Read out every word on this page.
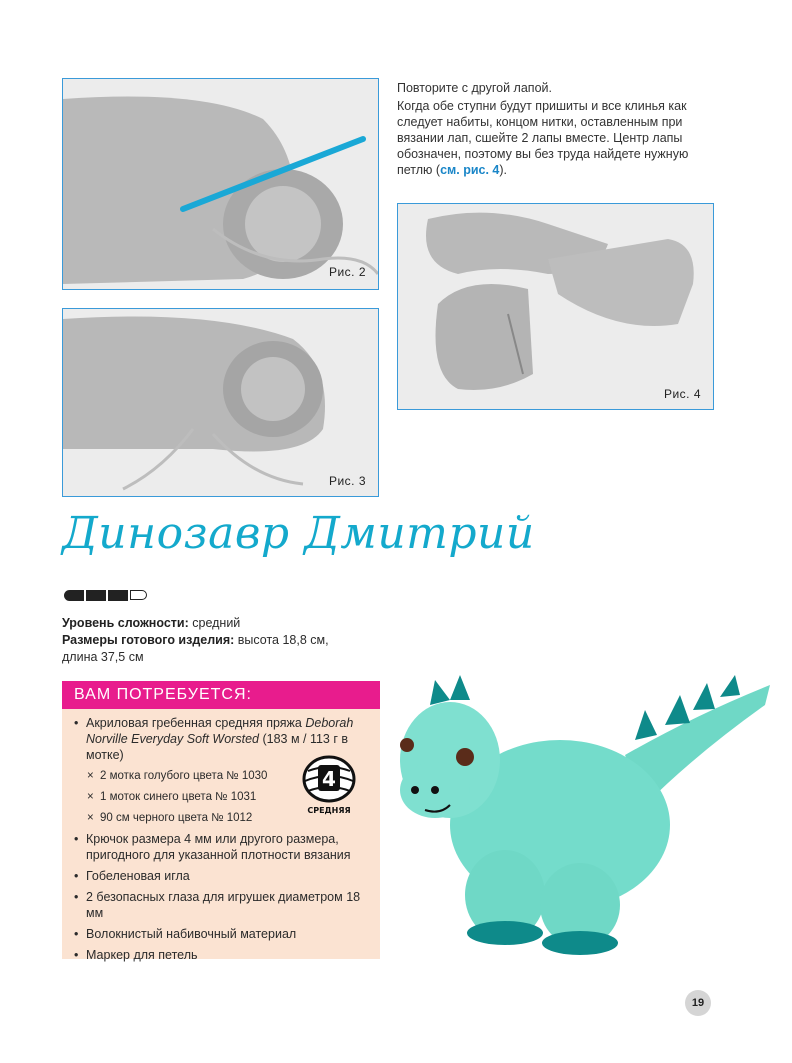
Рис. 2
Рис. 3

Повторите с другой лапой.

Когда обе ступни будут пришиты и все клинья как следует набиты, концом нитки, оставленным при вязании лап, сшейте 2 лапы вместе. Центр лапы обозначен, поэтому вы без труда найдете нужную петлю (см. рис. 4).

Рис. 4
Динозавр Дмитрий
Уровень сложности: средний
Размеры готового изделия: высота 18,8 см, длина 37,5 см
ВАМ ПОТРЕБУЕТСЯ:
• Акриловая гребенная средняя пряжа Deborah Norville Everyday Soft Worsted (183 м / 113 г в мотке)
× 2 мотка голубого цвета № 1030
× 1 моток синего цвета № 1031
× 90 см черного цвета № 1012
• Крючок размера 4 мм или другого размера, пригодного для указанной плотности вязания
• Гобеленовая игла
• 2 безопасных глаза для игрушек диаметром 18 мм
• Волокнистый набивочный материал
• Маркер для петель
4
СРЕДНЯЯ
19
